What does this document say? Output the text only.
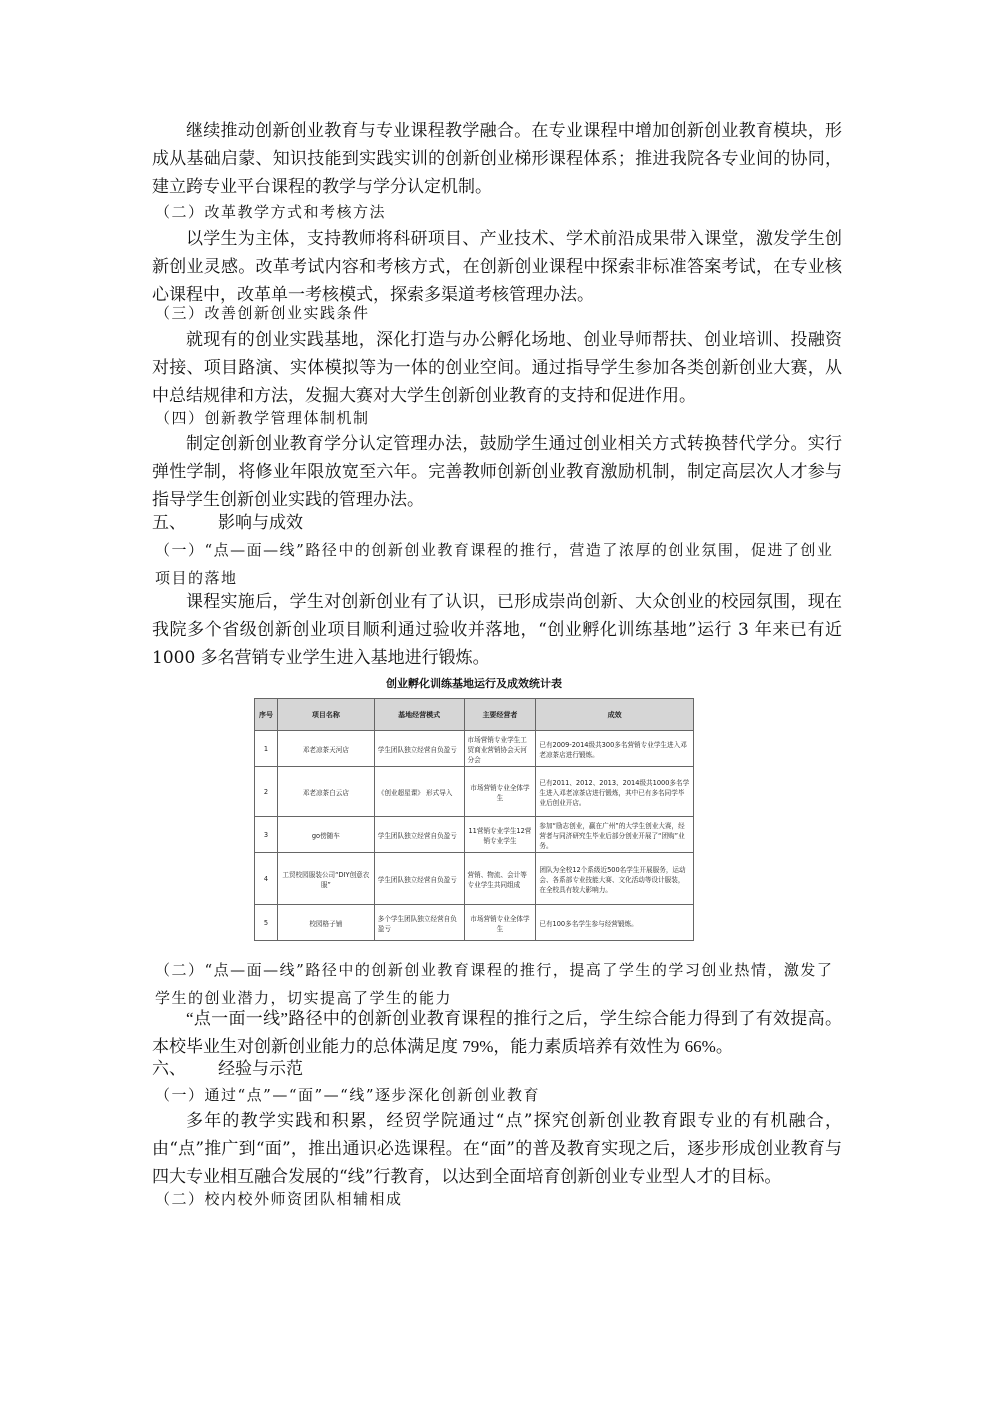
继续推动创新创业教育与专业课程教学融合。在专业课程中增加创新创业教育模块，形成从基础启蒙、知识技能到实践实训的创新创业梯形课程体系；推进我院各专业间的协同，建立跨专业平台课程的教学与学分认定机制。

（二）改革教学方式和考核方法

以学生为主体，支持教师将科研项目、产业技术、学术前沿成果带入课堂，激发学生创新创业灵感。改革考试内容和考核方式，在创新创业课程中探索非标准答案考试，在专业核心课程中，改革单一考核模式，探索多渠道考核管理办法。

（三）改善创新创业实践条件

就现有的创业实践基地，深化打造与办公孵化场地、创业导师帮扶、创业培训、投融资对接、项目路演、实体模拟等为一体的创业空间。通过指导学生参加各类创新创业大赛，从中总结规律和方法，发掘大赛对大学生创新创业教育的支持和促进作用。

（四）创新教学管理体制机制

制定创新创业教育学分认定管理办法，鼓励学生通过创业相关方式转换替代学分。实行弹性学制，将修业年限放宽至六年。完善教师创新创业教育激励机制，制定高层次人才参与指导学生创新创业实践的管理办法。

五、 影响与成效

（一）“点—面—线”路径中的创新创业教育课程的推行，营造了浓厚的创业氛围，促进了创业项目的落地

课程实施后，学生对创新创业有了认识，已形成崇尚创新、大众创业的校园氛围，现在我院多个省级创新创业项目顺利通过验收并落地，“创业孵化训练基地”运行 3 年来已有近 1000 多名营销专业学生进入基地进行锻炼。

创业孵化训练基地运行及成效统计表
序号	项目名称	基地经营模式	主要经营者	成效
1	邓老凉茶天河店	学生团队独立经营自负盈亏	市场营销专业学生工贸商业营销协会天河分会	已有2009-2014级共300多名营销专业学生进入邓老凉茶店进行锻炼。
2	邓老凉茶白云店	《创业超星课》 形式导入	市场营销专业全体学生	已有2011、2012、2013、2014级共1000多名学生进入邓老凉茶店进行锻炼，其中已有多名同学毕业后创业开店。
3	go傍随车	学生团队独立经营自负盈亏	11营销专业学生12营销专业学生	参加“励志创业，赢在广州”的大学生创业大赛，经营者与同济研究生毕业后部分创业开展了“团购”业务。
4	工贸校园服装公司“DIY创意衣服”	学生团队独立经营自负盈亏	营销、物流、会计等专业学生共同组成	团队为全校12个系级近500名学生开展服务，运动会、各系部专业技能大赛、文化活动等设计服装，在全校具有较大影响力。
5	校园格子铺	多个学生团队独立经营自负盈亏	市场营销专业全体学生	已有100多名学生参与经营锻炼。

（二）“点—面—线”路径中的创新创业教育课程的推行，提高了学生的学习创业热情，激发了学生的创业潜力，切实提高了学生的能力

“点一面一线”路径中的创新创业教育课程的推行之后，学生综合能力得到了有效提高。本校毕业生对创新创业能力的总体满足度 79%，能力素质培养有效性为 66%。

六、 经验与示范

（一）通过“点”—“面”—“线”逐步深化创新创业教育

多年的教学实践和积累，经贸学院通过“点”探究创新创业教育跟专业的有机融合，由“点”推广到“面”，推出通识必选课程。在“面”的普及教育实现之后，逐步形成创业教育与四大专业相互融合发展的“线”行教育，以达到全面培育创新创业专业型人才的目标。

（二）校内校外师资团队相辅相成
